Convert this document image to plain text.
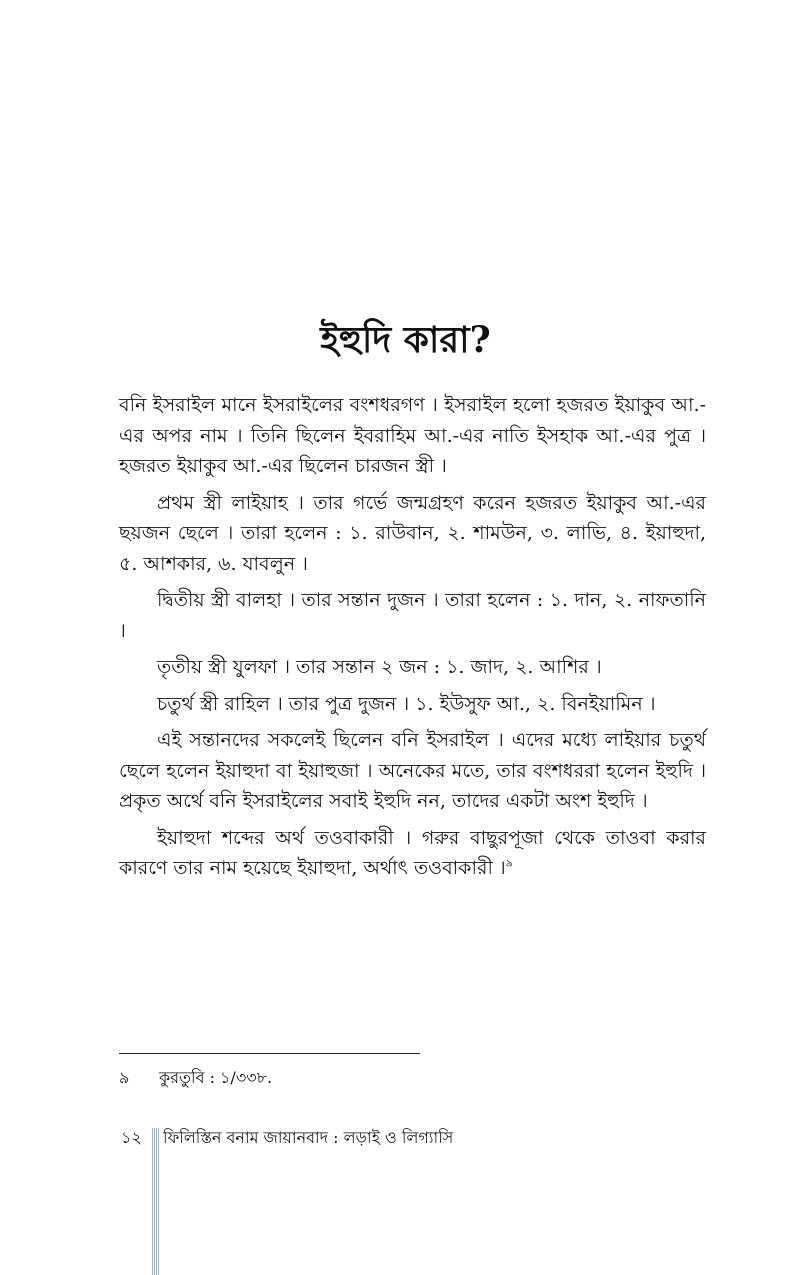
ইহুদি কারা?

বনি ইসরাইল মানে ইসরাইলের বংশধরগণ । ইসরাইল হলো হজরত ইয়াকুব আ.-এর অপর নাম । তিনি ছিলেন ইবরাহিম আ.-এর নাতি ইসহাক আ.-এর পুত্র । হজরত ইয়াকুব আ.-এর ছিলেন চারজন স্ত্রী ।

প্রথম স্ত্রী লাইয়াহ । তার গর্ভে জন্মগ্রহণ করেন হজরত ইয়াকুব আ.-এর ছয়জন ছেলে । তারা হলেন : ১. রাউবান, ২. শামউন, ৩. লাভি, ৪. ইয়াহুদা, ৫. আশকার, ৬. যাবলুন ।

দ্বিতীয় স্ত্রী বালহা । তার সন্তান দুজন । তারা হলেন : ১. দান, ২. নাফতানি ।

তৃতীয় স্ত্রী যুলফা । তার সন্তান ২ জন : ১. জাদ, ২. আশির ।

চতুর্থ স্ত্রী রাহিল । তার পুত্র দুজন । ১. ইউসুফ আ., ২. বিনইয়ামিন ।

এই সন্তানদের সকলেই ছিলেন বনি ইসরাইল । এদের মধ্যে লাইয়ার চতুর্থ ছেলে হলেন ইয়াহুদা বা ইয়াহুজা । অনেকের মতে, তার বংশধররা হলেন ইহুদি । প্রকৃত অর্থে বনি ইসরাইলের সবাই ইহুদি নন, তাদের একটা অংশ ইহুদি ।

ইয়াহুদা শব্দের অর্থ তওবাকারী । গরুর বাছুরপূজা থেকে তাওবা করার কারণে তার নাম হয়েছে ইয়াহুদা, অর্থাৎ তওবাকারী ।$^৯$

৯	কুরতুবি : ১/৩৩৮.
১২	ফিলিস্তিন বনাম জায়ানবাদ : লড়াই ও লিগ্যাসি
